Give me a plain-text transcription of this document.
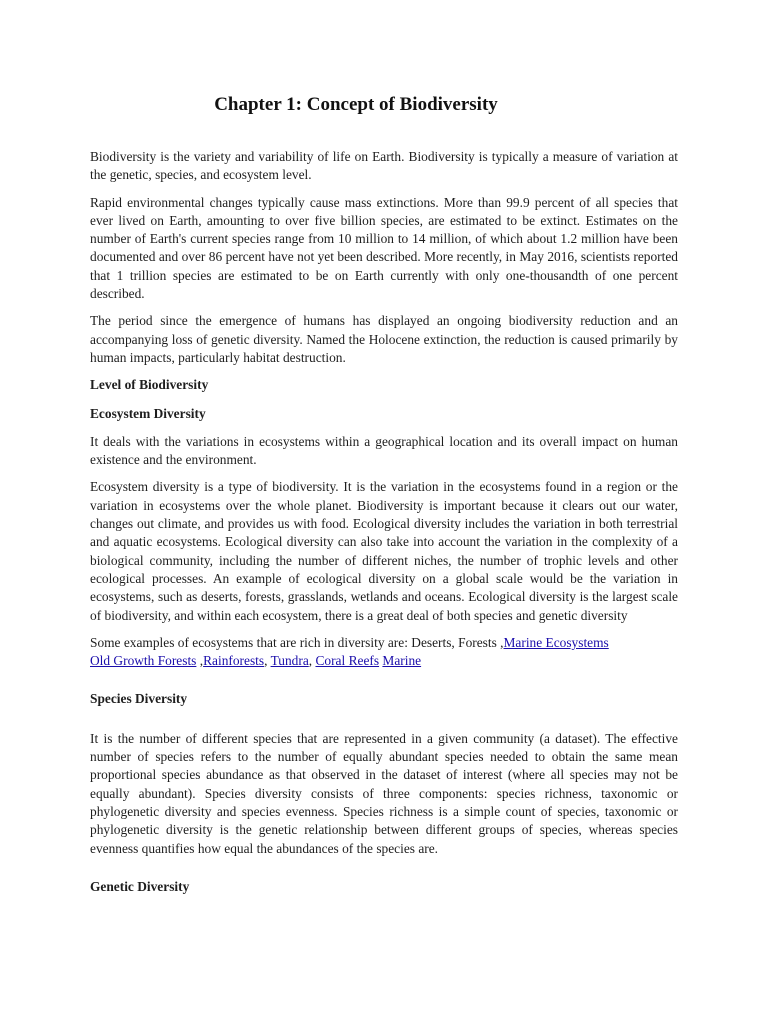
Chapter 1: Concept of Biodiversity

Biodiversity is the variety and variability of life on Earth. Biodiversity is typically a measure of variation at the genetic, species, and ecosystem level.

Rapid environmental changes typically cause mass extinctions. More than 99.9 percent of all species that ever lived on Earth, amounting to over five billion species, are estimated to be extinct. Estimates on the number of Earth's current species range from 10 million to 14 million, of which about 1.2 million have been documented and over 86 percent have not yet been described. More recently, in May 2016, scientists reported that 1 trillion species are estimated to be on Earth currently with only one-thousandth of one percent described.

The period since the emergence of humans has displayed an ongoing biodiversity reduction and an accompanying loss of genetic diversity. Named the Holocene extinction, the reduction is caused primarily by human impacts, particularly habitat destruction.

Level of Biodiversity

Ecosystem Diversity

It deals with the variations in ecosystems within a geographical location and its overall impact on human existence and the environment.

Ecosystem diversity is a type of biodiversity. It is the variation in the ecosystems found in a region or the variation in ecosystems over the whole planet. Biodiversity is important because it clears out our water, changes out climate, and provides us with food. Ecological diversity includes the variation in both terrestrial and aquatic ecosystems. Ecological diversity can also take into account the variation in the complexity of a biological community, including the number of different niches, the number of trophic levels and other ecological processes. An example of ecological diversity on a global scale would be the variation in ecosystems, such as deserts, forests, grasslands, wetlands and oceans. Ecological diversity is the largest scale of biodiversity, and within each ecosystem, there is a great deal of both species and genetic diversity

Some examples of ecosystems that are rich in diversity are: Deserts, Forests ,Marine Ecosystems
Old Growth Forests ,Rainforests, Tundra, Coral Reefs Marine

Species Diversity

It is the number of different species that are represented in a given community (a dataset). The effective number of species refers to the number of equally abundant species needed to obtain the same mean proportional species abundance as that observed in the dataset of interest (where all species may not be equally abundant). Species diversity consists of three components: species richness, taxonomic or phylogenetic diversity and species evenness. Species richness is a simple count of species, taxonomic or phylogenetic diversity is the genetic relationship between different groups of species, whereas species evenness quantifies how equal the abundances of the species are.

Genetic Diversity
